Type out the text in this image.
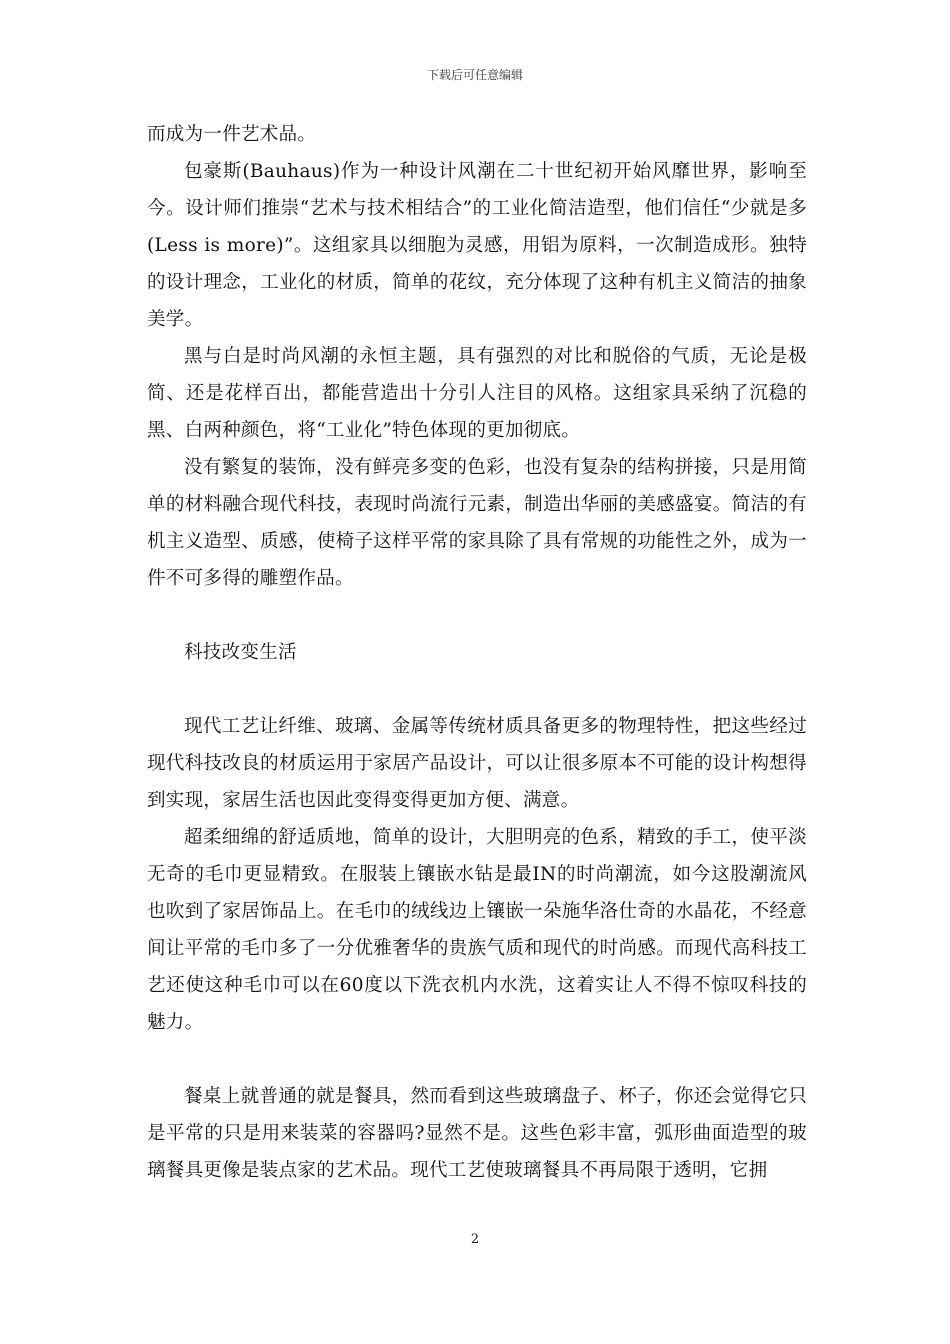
下载后可任意编辑

而成为一件艺术品。

包豪斯(Bauhaus)作为一种设计风潮在二十世纪初开始风靡世界，影响至今。设计师们推崇“艺术与技术相结合”的工业化简洁造型，他们信任“少就是多(Less is more)”。这组家具以细胞为灵感，用铝为原料，一次制造成形。独特的设计理念，工业化的材质，简单的花纹，充分体现了这种有机主义简洁的抽象美学。

黑与白是时尚风潮的永恒主题，具有强烈的对比和脱俗的气质，无论是极简、还是花样百出，都能营造出十分引人注目的风格。这组家具采纳了沉稳的黑、白两种颜色，将“工业化”特色体现的更加彻底。

没有繁复的装饰，没有鲜亮多变的色彩，也没有复杂的结构拼接，只是用简单的材料融合现代科技，表现时尚流行元素，制造出华丽的美感盛宴。简洁的有机主义造型、质感，使椅子这样平常的家具除了具有常规的功能性之外，成为一件不可多得的雕塑作品。

科技改变生活

现代工艺让纤维、玻璃、金属等传统材质具备更多的物理特性，把这些经过现代科技改良的材质运用于家居产品设计，可以让很多原本不可能的设计构想得到实现，家居生活也因此变得变得更加方便、满意。

超柔细绵的舒适质地，简单的设计，大胆明亮的色系，精致的手工，使平淡无奇的毛巾更显精致。在服装上镶嵌水钻是最IN的时尚潮流，如今这股潮流风也吹到了家居饰品上。在毛巾的绒线边上镶嵌一朵施华洛仕奇的水晶花，不经意间让平常的毛巾多了一分优雅奢华的贵族气质和现代的时尚感。而现代高科技工艺还使这种毛巾可以在60度以下洗衣机内水洗，这着实让人不得不惊叹科技的魅力。

餐桌上就普通的就是餐具，然而看到这些玻璃盘子、杯子，你还会觉得它只是平常的只是用来装菜的容器吗?显然不是。这些色彩丰富，弧形曲面造型的玻璃餐具更像是装点家的艺术品。现代工艺使玻璃餐具不再局限于透明，它拥

2
